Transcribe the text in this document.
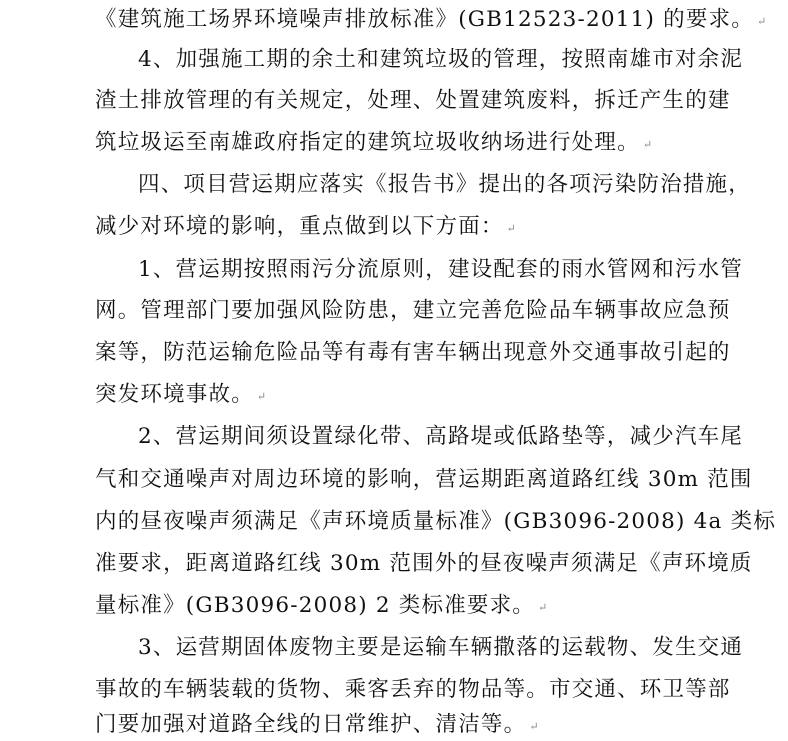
《建筑施工场界环境噪声排放标准》(GB12523-2011) 的要求。 ↵
4、加强施工期的余土和建筑垃圾的管理，按照南雄市对余泥
渣土排放管理的有关规定，处理、处置建筑废料，拆迁产生的建
筑垃圾运至南雄政府指定的建筑垃圾收纳场进行处理。 ↵
四、项目营运期应落实《报告书》提出的各项污染防治措施，
减少对环境的影响，重点做到以下方面： ↵
1、营运期按照雨污分流原则，建设配套的雨水管网和污水管
网。管理部门要加强风险防患，建立完善危险品车辆事故应急预
案等，防范运输危险品等有毒有害车辆出现意外交通事故引起的
突发环境事故。 ↵
2、营运期间须设置绿化带、高路堤或低路垫等，减少汽车尾
气和交通噪声对周边环境的影响，营运期距离道路红线 30m 范围
内的昼夜噪声须满足《声环境质量标准》(GB3096-2008) 4a 类标
准要求，距离道路红线 30m 范围外的昼夜噪声须满足《声环境质
量标准》(GB3096-2008) 2 类标准要求。 ↵
3、运营期固体废物主要是运输车辆撒落的运载物、发生交通
事故的车辆装载的货物、乘客丢弃的物品等。市交通、环卫等部
门要加强对道路全线的日常维护、清洁等。 ↵
